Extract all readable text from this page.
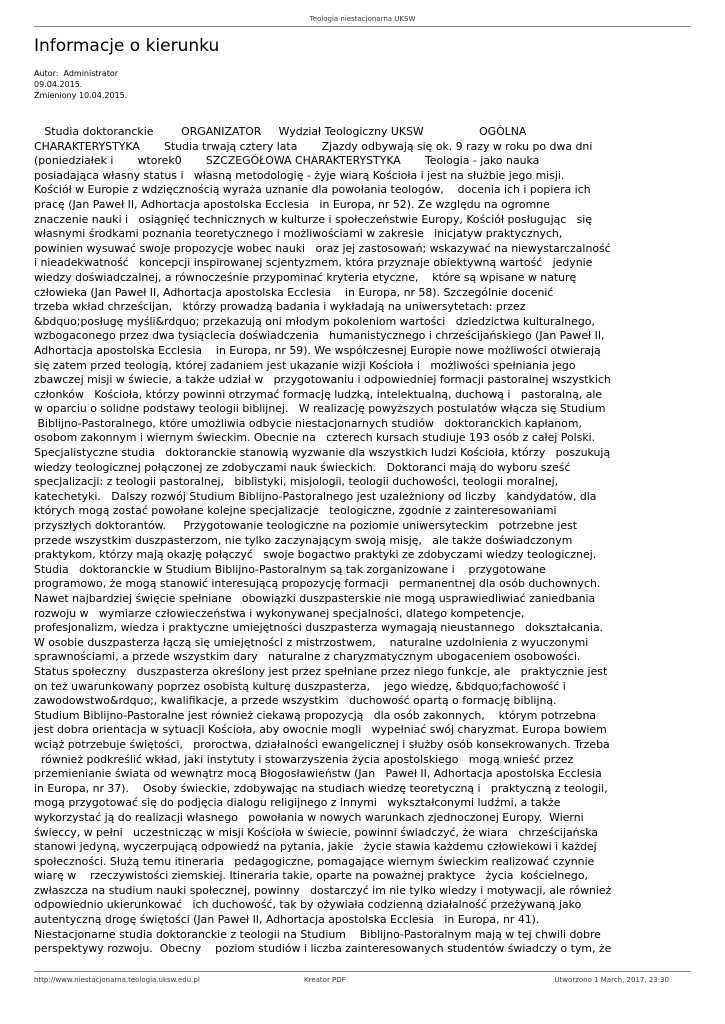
Teologia niestacjonarna UKSW
Informacje o kierunku
Autor:  Administrator
09.04.2015.
Zmieniony 10.04.2015.
Studia doktoranckie        ORGANIZATOR     Wydział Teologiczny UKSW                OGÓLNA
CHARAKTERYSTYKA       Studia trwają cztery lata       Zjazdy odbywają się ok. 9 razy w roku po dwa dni
(poniedziałek i       wtorek0       SZCZEGÓŁOWA CHARAKTERYSTYKA       Teologia - jako nauka
posiadająca własny status i   własną metodologię - żyje wiarą Kościoła i jest na służbie jego misji.
Kościół w Europie z wdzięcznością wyraża uznanie dla powołania teologów,    docenia ich i popiera ich
pracę (Jan Paweł II, Adhortacja apostolska Ecclesia   in Europa, nr 52). Ze względu na ogromne
znaczenie nauki i   osiągnięć technicznych w kulturze i społeczeństwie Europy, Kościół posługując   się
własnymi środkami poznania teoretycznego i możliwościami w zakresie   inicjatyw praktycznych,
powinien wysuwać swoje propozycje wobec nauki   oraz jej zastosowań; wskazywać na niewystarczalność
i nieadekwatność   koncepcji inspirowanej scjentyzmem, która przyznaje obiektywną wartość   jedynie
wiedzy doświadczalnej, a równocześnie przypominać kryteria etyczne,    które są wpisane w naturę
człowieka (Jan Paweł II, Adhortacja apostolska Ecclesia    in Europa, nr 58). Szczególnie docenić
trzeba wkład chrześcijan,   którzy prowadzą badania i wykładają na uniwersytetach: przez
&bdquo;posługę myśli&rdquo; przekazują oni młodym pokoleniom wartości   dziedzictwa kulturalnego,
wzbogaconego przez dwa tysiąclecia doświadczenia   humanistycznego i chrześcijańskiego (Jan Paweł II,
Adhortacja apostolska Ecclesia    in Europa, nr 59). We współczesnej Europie nowe możliwości otwierają
się zatem przed teologią, której zadaniem jest ukazanie wizji Kościoła i   możliwości spełniania jego
zbawczej misji w świecie, a także udział w   przygotowaniu i odpowiedniej formacji pastoralnej wszystkich
członków   Kościoła, którzy powinni otrzymać formację ludzką, intelektualną, duchową i   pastoralną, ale
w oparciu o solidne podstawy teologii biblijnej.   W realizację powyższych postulatów włącza się Studium
Biblijno-Pastoralnego, które umożliwia odbycie niestacjonarnych studiów   doktoranckich kapłanom,
osobom zakonnym i wiernym świeckim. Obecnie na   czterech kursach studiuje 193 osób z całej Polski.
Specjalistyczne studia   doktoranckie stanowią wyzwanie dla wszystkich ludzi Kościoła, którzy   poszukują
wiedzy teologicznej połączonej ze zdobyczami nauk świeckich.   Doktoranci mają do wyboru sześć
specjalizacji: z teologii pastoralnej,   biblistyki, misjologii, teologii duchowości, teologii moralnej,
katechetyki.   Dalszy rozwój Studium Biblijno-Pastoralnego jest uzależniony od liczby   kandydatów, dla
których mogą zostać powołane kolejne specjalizacje   teologiczne, zgodnie z zainteresowaniami
przyszłych doktorantów.     Przygotowanie teologiczne na poziomie uniwersyteckim   potrzebne jest
przede wszystkim duszpasterzom, nie tylko zaczynającym swoją misję,   ale także doświadczonym
praktykom, którzy mają okazję połączyć   swoje bogactwo praktyki ze zdobyczami wiedzy teologicznej.
Studia   doktoranckie w Studium Biblijno-Pastoralnym są tak zorganizowane i    przygotowane
programowo, że mogą stanowić interesującą propozycję formacji   permanentnej dla osób duchownych.
Nawet najbardziej święcie spełniane   obowiązki duszpasterskie nie mogą usprawiedliwiać zaniedbania
rozwoju w   wymiarze człowieczeństwa i wykonywanej specjalności, dlatego kompetencje,
profesjonalizm, wiedza i praktyczne umiejętności duszpasterza wymagają nieustannego   dokształcania.
W osobie duszpasterza łączą się umiejętności z mistrzostwem,    naturalne uzdolnienia z wyuczonymi
sprawnościami, a przede wszystkim dary   naturalne z charyzmatycznym ubogaceniem osobowości.
Status społeczny   duszpasterza określony jest przez spełniane przez niego funkcje, ale   praktycznie jest
on też uwarunkowany poprzez osobistą kulturę duszpasterza,    jego wiedzę, &bdquo;fachowość i
zawodowstwo&rdquo;, kwalifikacje, a przede wszystkim   duchowość opartą o formację biblijną.
Studium Biblijno-Pastoralne jest również ciekawą propozycją   dla osób zakonnych,    którym potrzebna
jest dobra orientacja w sytuacji Kościoła, aby owocnie mogli   wypełniać swój charyzmat. Europa bowiem
wciąż potrzebuje świętości,   proroctwa, działalności ewangelicznej i służby osób konsekrowanych. Trzeba
również podkreślić wkład, jaki instytuty i stowarzyszenia życia apostolskiego   mogą wnieść przez
przemienianie świata od wewnątrz mocą Błogosławieństw (Jan   Paweł II, Adhortacja apostolska Ecclesia
in Europa, nr 37).    Osoby świeckie, zdobywając na studiach wiedzę teoretyczną i   praktyczną z teologii,
mogą przygotować się do podjęcia dialogu religijnego z innymi   wykształconymi ludźmi, a także
wykorzystać ją do realizacji własnego   powołania w nowych warunkach zjednoczonej Europy.  Wierni
świeccy, w pełni   uczestnicząc w misji Kościoła w świecie, powinni świadczyć, że wiara   chrześcijańska
stanowi jedyną, wyczerpującą odpowiedź na pytania, jakie   życie stawia każdemu człowiekowi i każdej
społeczności. Służą temu itineraria   pedagogiczne, pomagające wiernym świeckim realizować czynnie
wiarę w    rzeczywistości ziemskiej. Itineraria takie, oparte na poważnej praktyce   życia  kościelnego,
zwłaszcza na studium nauki społecznej, powinny   dostarczyć im nie tylko wiedzy i motywacji, ale również
odpowiednio ukierunkować   ich duchowość, tak by ożywiała codzienną działalność przeżywaną jako
autentyczną drogę świętości (Jan Paweł II, Adhortacja apostolska Ecclesia   in Europa, nr 41).
Niestacjonarne studia doktoranckie z teologii na Studium    Biblijno-Pastoralnym mają w tej chwili dobre
perspektywy rozwoju.  Obecny    poziom studiów i liczba zainteresowanych studentów świadczy o tym, że
http://www.niestacjonarna.teologia.uksw.edu.pl	Kreator PDF	Utworzono 1 March, 2017, 23:30
